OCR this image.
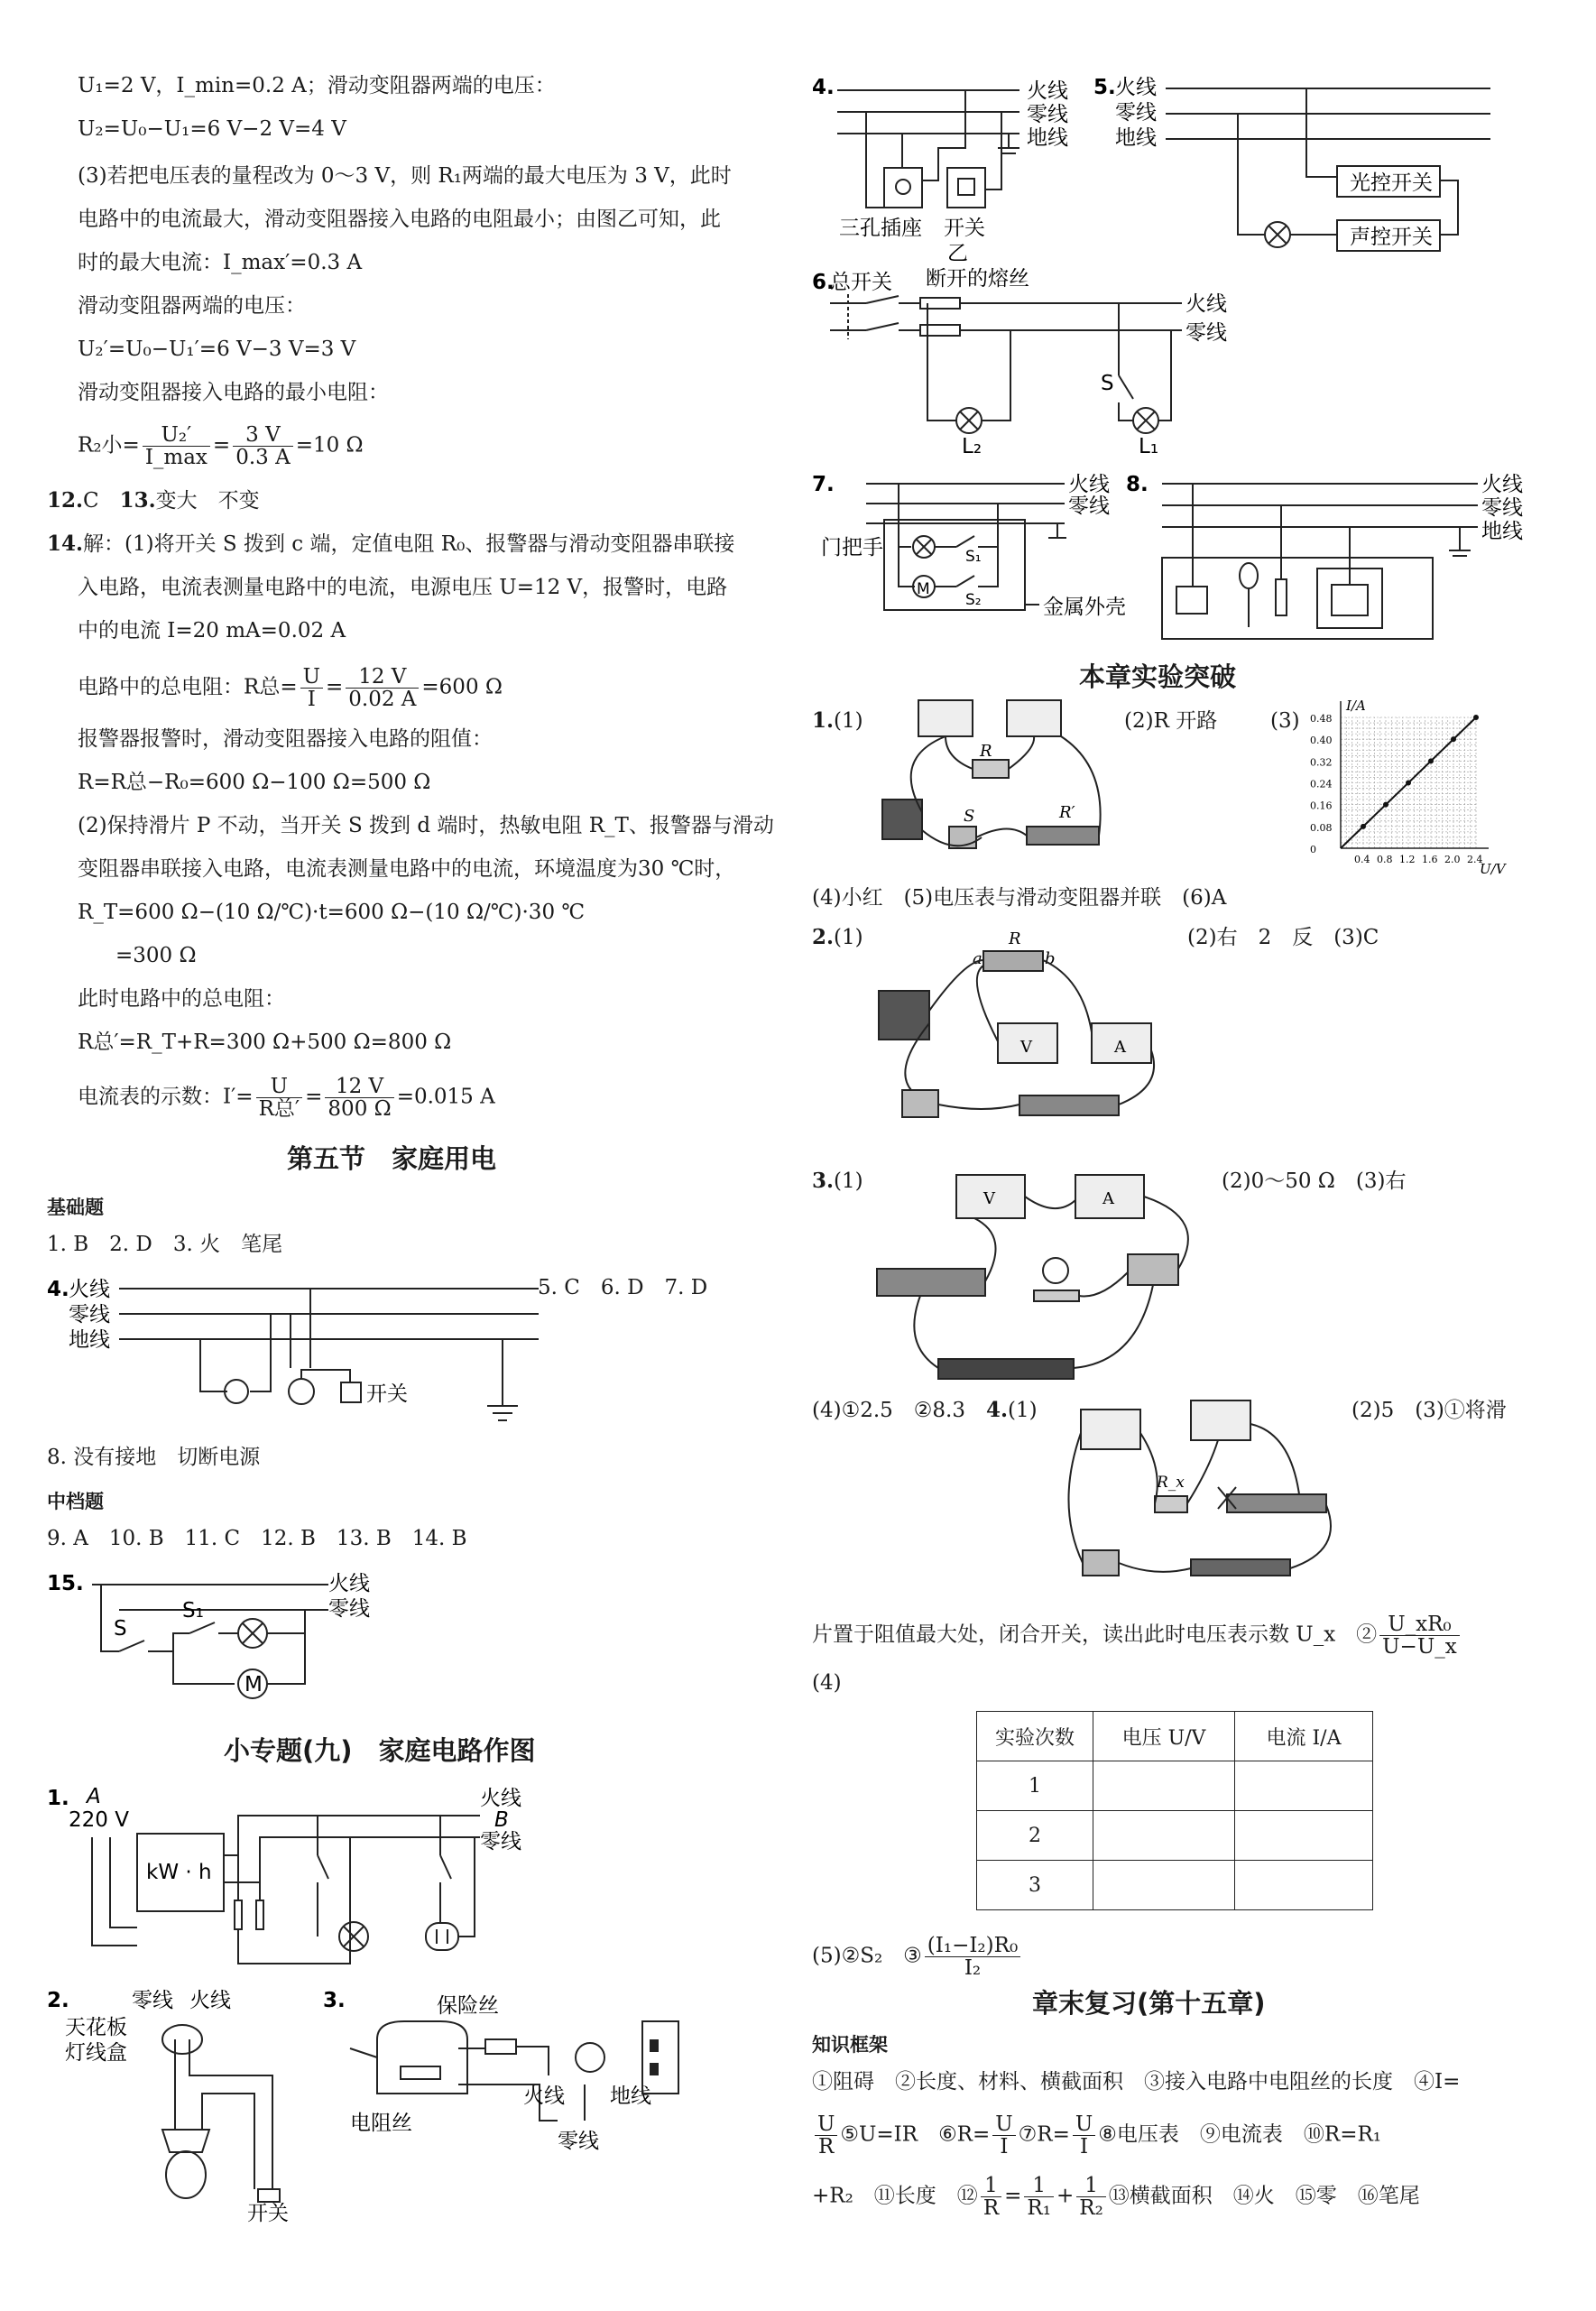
U₁=2 V，I_min=0.2 A；滑动变阻器两端的电压：
U₂=U₀−U₁=6 V−2 V=4 V
(3)若把电压表的量程改为 0～3 V，则 R₁两端的最大电压为 3 V，此时
电路中的电流最大，滑动变阻器接入电路的电阻最小；由图乙可知，此
时的最大电流：I_max′=0.3 A
滑动变阻器两端的电压：
U₂′=U₀−U₁′=6 V−3 V=3 V
滑动变阻器接入电路的最小电阻：
R₂小= $\frac{\text{U₂′}}{I\_\max} = \frac{3 V}{0.3 A} =10$ Ω
12.C　 13.变大　不变
14.解：(1)将开关 S 拨到 c 端，定值电阻 R₀、报警器与滑动变阻器串联接
入电路，电流表测量电路中的电流，电源电压 U=12 V，报警时，电路
中的电流 I=20 mA=0.02 A
电路中的总电阻：R总= $\frac{U}{I} = \frac{12 V}{0.02 A} =600$ Ω
报警器报警时，滑动变阻器接入电路的阻值：
R=R总−R₀=600 Ω−100 Ω=500 Ω
(2)保持滑片 P 不动，当开关 S 拨到 d 端时，热敏电阻 R_T、报警器与滑动
变阻器串联接入电路，电流表测量电路中的电流，环境温度为30 ℃时，
R_T=600 Ω−(10 Ω/℃)·t=600 Ω−(10 Ω/℃)·30 ℃
=300 Ω
此时电路中的总电阻：
R总′=R_T+R=300 Ω+500 Ω=800 Ω
电流表的示数：$I'= \frac{U}{\text{R总′}} = \frac{12 V}{800 \Omega} =0.015$ A
第五节　家庭用电
基础题
1. B　2. D　3. 火　笔尾
4. 火线
零线
地线
开关
5. C　6. D　7. D
8. 没有接地　切断电源
中档题
9. A　10. B　11. C　12. B　13. B　14. B
15.	火线
零线
S
S₁
M
小专题(九)　家庭电路作图
1. A
220 V
火线
B
零线
kW · h
2.	零线 火线
天花板
灯线盒
开关
3.	保险丝
电阻丝
火线 地线
零线
4.	火线
零线
地线
三孔插座 开关
乙
5. 火线
零线
地线
光控开关
声控开关
6.
总开关 断开的熔丝
火线
零线
L₂
S
L₁
7.	火线
零线
门把手
M
S₁
S₂	金属外壳
8.	火线
零线
地线
本章实验突破
1.(1)
R
S	R′
(2)R 开路	(3)
I/A
U/V
0.48
0.40
0.32
0.24
0.16
0.08
0
0.4 0.8 1.2 1.6 2.0 2.4
(4)小红　(5)电压表与滑动变阻器并联　(6)A
2.(1)	(2)右　2　反　(3)C
R
a	b
V	A
3.(1)	(2)0～50 Ω　(3)右
V	A
(4)①2.5　②8.3　4.(1)	(2)5　(3)①将滑
R_x
片置于阻值最大处，闭合开关，读出此时电压表示数 U_x　② $\frac{\text{U\_xR₀}}{U-U\_x}$
(4)
实验次数	电压 U/V	电流 I/A
1		
2		
3		
(5)②S₂　③ $\frac{\text{(I₁−I₂)R₀}}{\text{I₂}}$
章末复习(第十五章)
知识框架
①阻碍　②长度、材料、横截面积　③接入电路中电阻丝的长度　④I=
$\frac{U}{R}$ ⑤U=IR　⑥R= $\frac{U}{I}$ ⑦R= $\frac{U}{I}$ ⑧电压表　⑨电流表　⑩R=R₁
+R₂　⑪长度　⑫ $\frac{1}{R} = \frac{1}{\text{R₁}} + \frac{1}{\text{R₂}}$ ⑬横截面积　⑭火　⑮零　⑯笔尾
